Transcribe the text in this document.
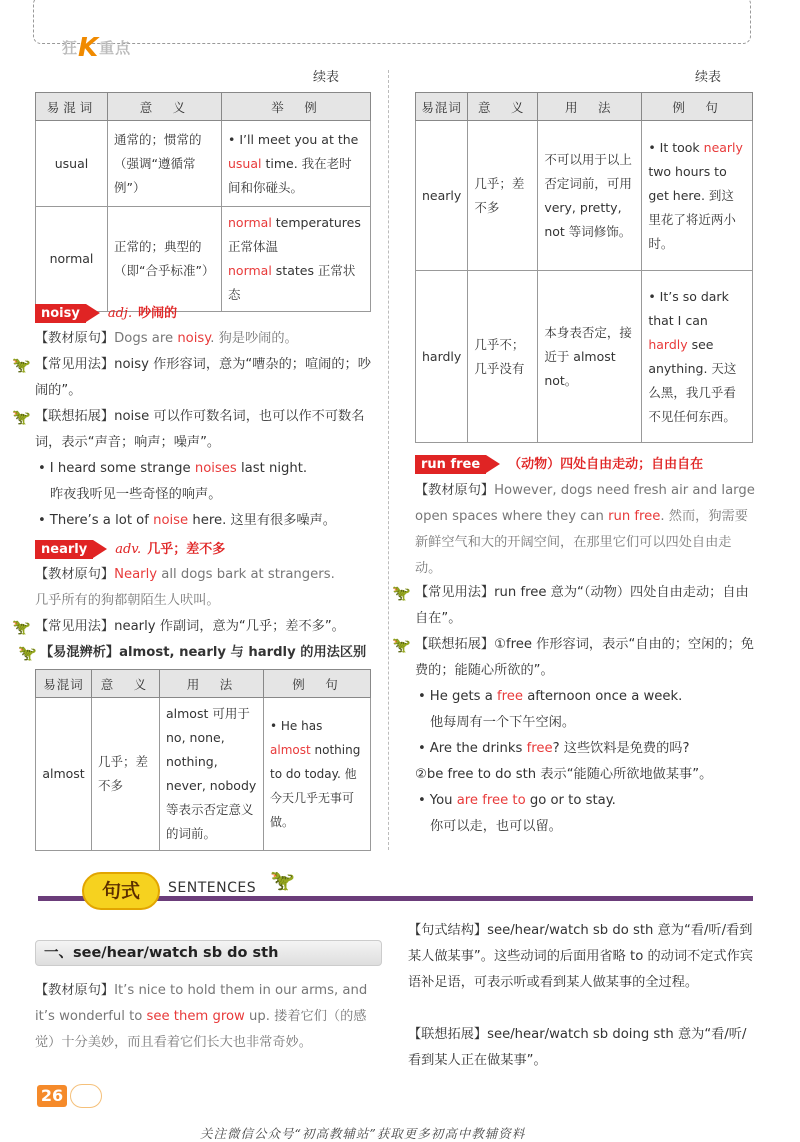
狂K重点
续表
易混词	意　义	举　例
usual	通常的；惯常的（强调“遵循常例”）	• I’ll meet you at the usual time. 我在老时间和你碰头。
normal	正常的；典型的（即“合乎标准”）	normal temperatures 正常体温
normal states 正常状态
noisy adj. 吵闹的
【教材原句】Dogs are noisy. 狗是吵闹的。
🦖 【常见用法】noisy 作形容词，意为“嘈杂的；喧闹的；吵闹的”。
🦖 【联想拓展】noise 可以作可数名词，也可以作不可数名词，表示“声音；响声；噪声”。
• I heard some strange noises last night.
昨夜我听见一些奇怪的响声。
• There’s a lot of noise here. 这里有很多噪声。
nearly adv. 几乎；差不多
【教材原句】Nearly all dogs bark at strangers.
几乎所有的狗都朝陌生人吠叫。
🦖 【常见用法】nearly 作副词，意为“几乎；差不多”。
🦖 【易混辨析】almost, nearly 与 hardly 的用法区别
易混词	意　义	用　法	例　句
almost	几乎；差不多	almost 可用于 no, none, nothing, never, nobody 等表示否定意义的词前。	• He has almost nothing to do today. 他今天几乎无事可做。
续表
易混词	意　义	用　法	例　句
nearly	几乎；差不多	不可以用于以上否定词前，可用 very, pretty, not 等词修饰。	• It took nearly two hours to get here. 到这里花了将近两小时。
hardly	几乎不；几乎没有	本身表否定，接近于 almost not。	• It’s so dark that I can hardly see anything. 天这么黑，我几乎看不见任何东西。
run free （动物）四处自由走动；自由自在
【教材原句】However, dogs need fresh air and large open spaces where they can run free. 然而，狗需要新鲜空气和大的开阔空间，在那里它们可以四处自由走动。
🦖 【常见用法】run free 意为“（动物）四处自由走动；自由自在”。
🦖 【联想拓展】①free 作形容词，表示“自由的；空闲的；免费的；能随心所欲的”。
• He gets a free afternoon once a week.
他每周有一个下午空闲。
• Are the drinks free? 这些饮料是免费的吗?
②be free to do sth 表示“能随心所欲地做某事”。
• You are free to go or to stay.
你可以走，也可以留。
句式	SENTENCES 🦖
一、see/hear/watch sb do sth
【教材原句】It’s nice to hold them in our arms, and it’s wonderful to see them grow up. 搂着它们（的感觉）十分美妙，而且看着它们长大也非常奇妙。
【句式结构】see/hear/watch sb do sth 意为“看/听/看到某人做某事”。这些动词的后面用省略 to 的动词不定式作宾语补足语，可表示听或看到某人做某事的全过程。
【联想拓展】see/hear/watch sb doing sth 意为“看/听/看到某人正在做某事”。
26
关注微信公众号“初高教辅站”获取更多初高中教辅资料
